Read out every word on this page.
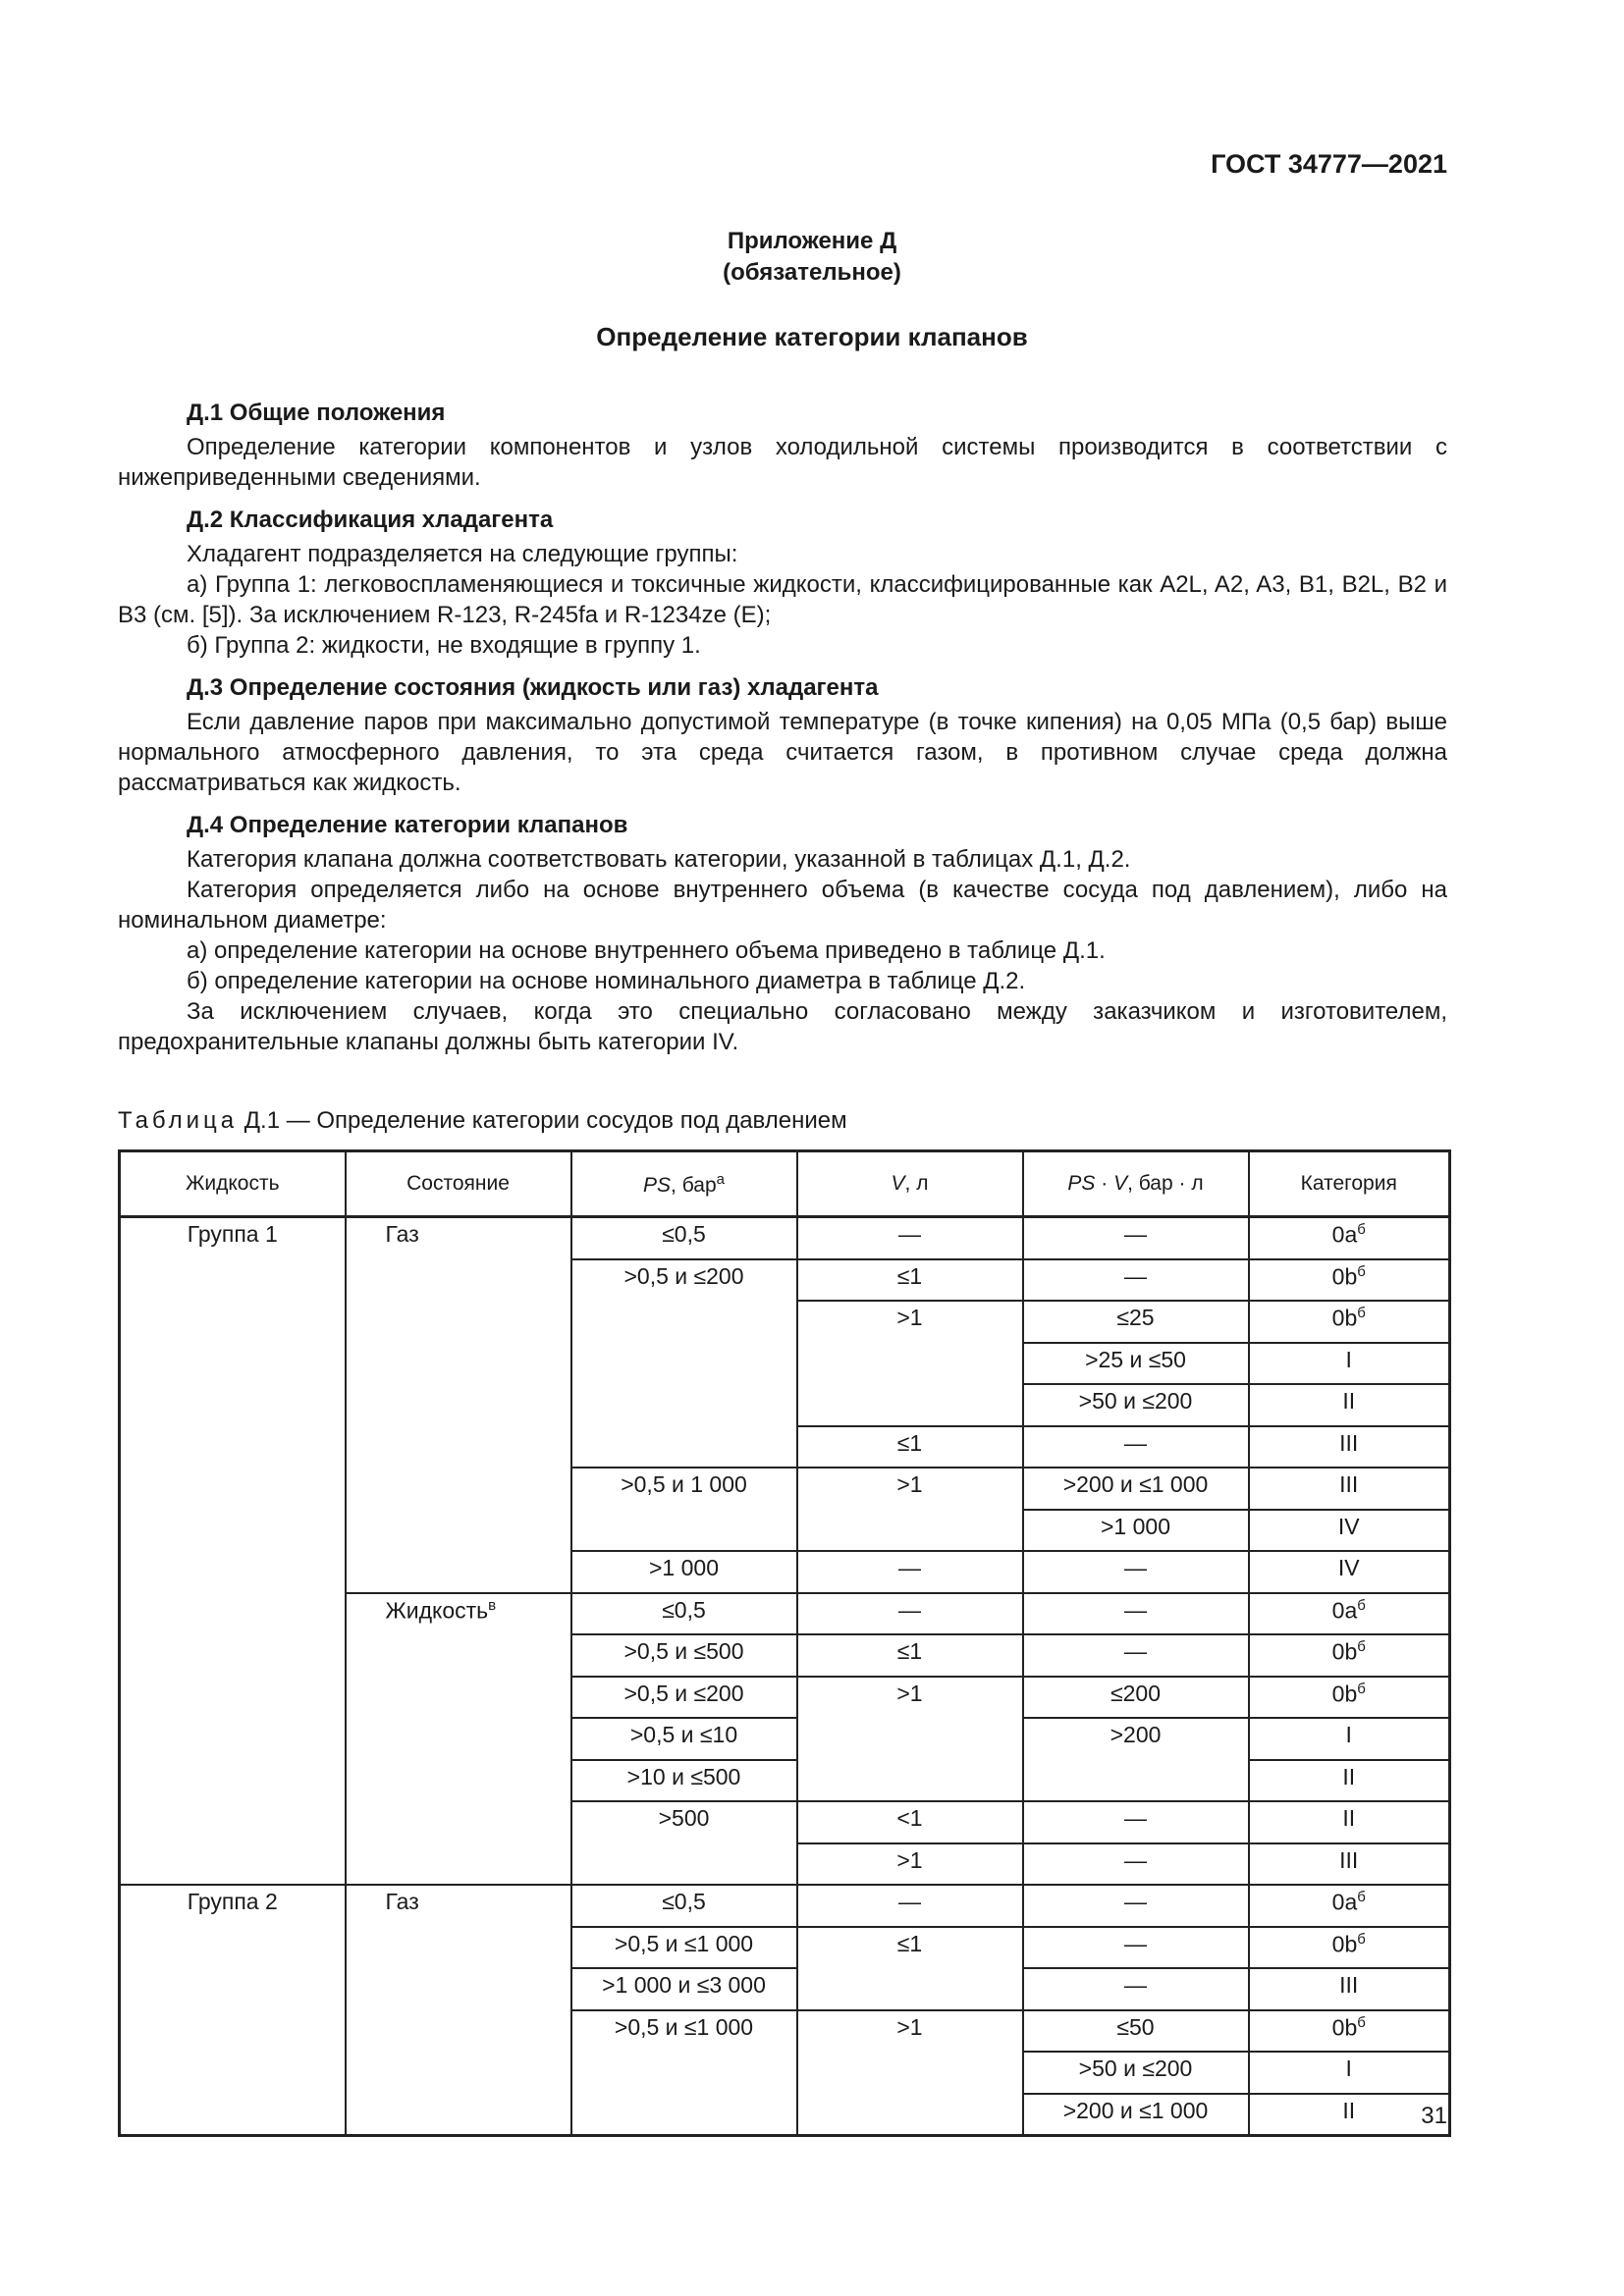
ГОСТ 34777—2021
Приложение Д
(обязательное)
Определение категории клапанов

Д.1 Общие положения

Определение категории компонентов и узлов холодильной системы производится в соответствии с нижеприведенными сведениями.

Д.2 Классификация хладагента

Хладагент подразделяется на следующие группы:

а) Группа 1: легковоспламеняющиеся и токсичные жидкости, классифицированные как A2L, A2, A3, B1, B2L, B2 и B3 (см. [5]). За исключением R-123, R-245fa и R-1234ze (E);

б) Группа 2: жидкости, не входящие в группу 1.

Д.3 Определение состояния (жидкость или газ) хладагента

Если давление паров при максимально допустимой температуре (в точке кипения) на 0,05 МПа (0,5 бар) выше нормального атмосферного давления, то эта среда считается газом, в противном случае среда должна рассматриваться как жидкость.

Д.4 Определение категории клапанов

Категория клапана должна соответствовать категории, указанной в таблицах Д.1, Д.2.

Категория определяется либо на основе внутреннего объема (в качестве сосуда под давлением), либо на номинальном диаметре:

а) определение категории на основе внутреннего объема приведено в таблице Д.1.

б) определение категории на основе номинального диаметра в таблице Д.2.

За исключением случаев, когда это специально согласовано между заказчиком и изготовителем, предохранительные клапаны должны быть категории IV.

Таблица Д.1 — Определение категории сосудов под давлением
Жидкость	Состояние	PS, бар$^a$	V, л	PS · V, бар · л	Категория
Группа 1	Газ	≤0,5	—	—	$0a^б$
		>0,5 и ≤200	≤1	—	$0b^б$
			>1	≤25	$0b^б$
				>25 и ≤50	I
				>50 и ≤200	II
			≤1	—	III
		>0,5 и 1 000	>1	>200 и ≤1 000	III
				>1 000	IV
		>1 000	—	—	IV
	Жидкость$^в$	≤0,5	—	—	$0a^б$
		>0,5 и ≤500	≤1	—	$0b^б$
		>0,5 и ≤200	>1	≤200	$0b^б$
		>0,5 и ≤10		>200	I
		>10 и ≤500			II
		>500	<1	—	II
			>1	—	III
Группа 2	Газ	≤0,5	—	—	$0a^б$
		>0,5 и ≤1 000	≤1	—	$0b^б$
		>1 000 и ≤3 000		—	III
		>0,5 и ≤1 000	>1	≤50	$0b^б$
				>50 и ≤200	I
				>200 и ≤1 000	II	31
